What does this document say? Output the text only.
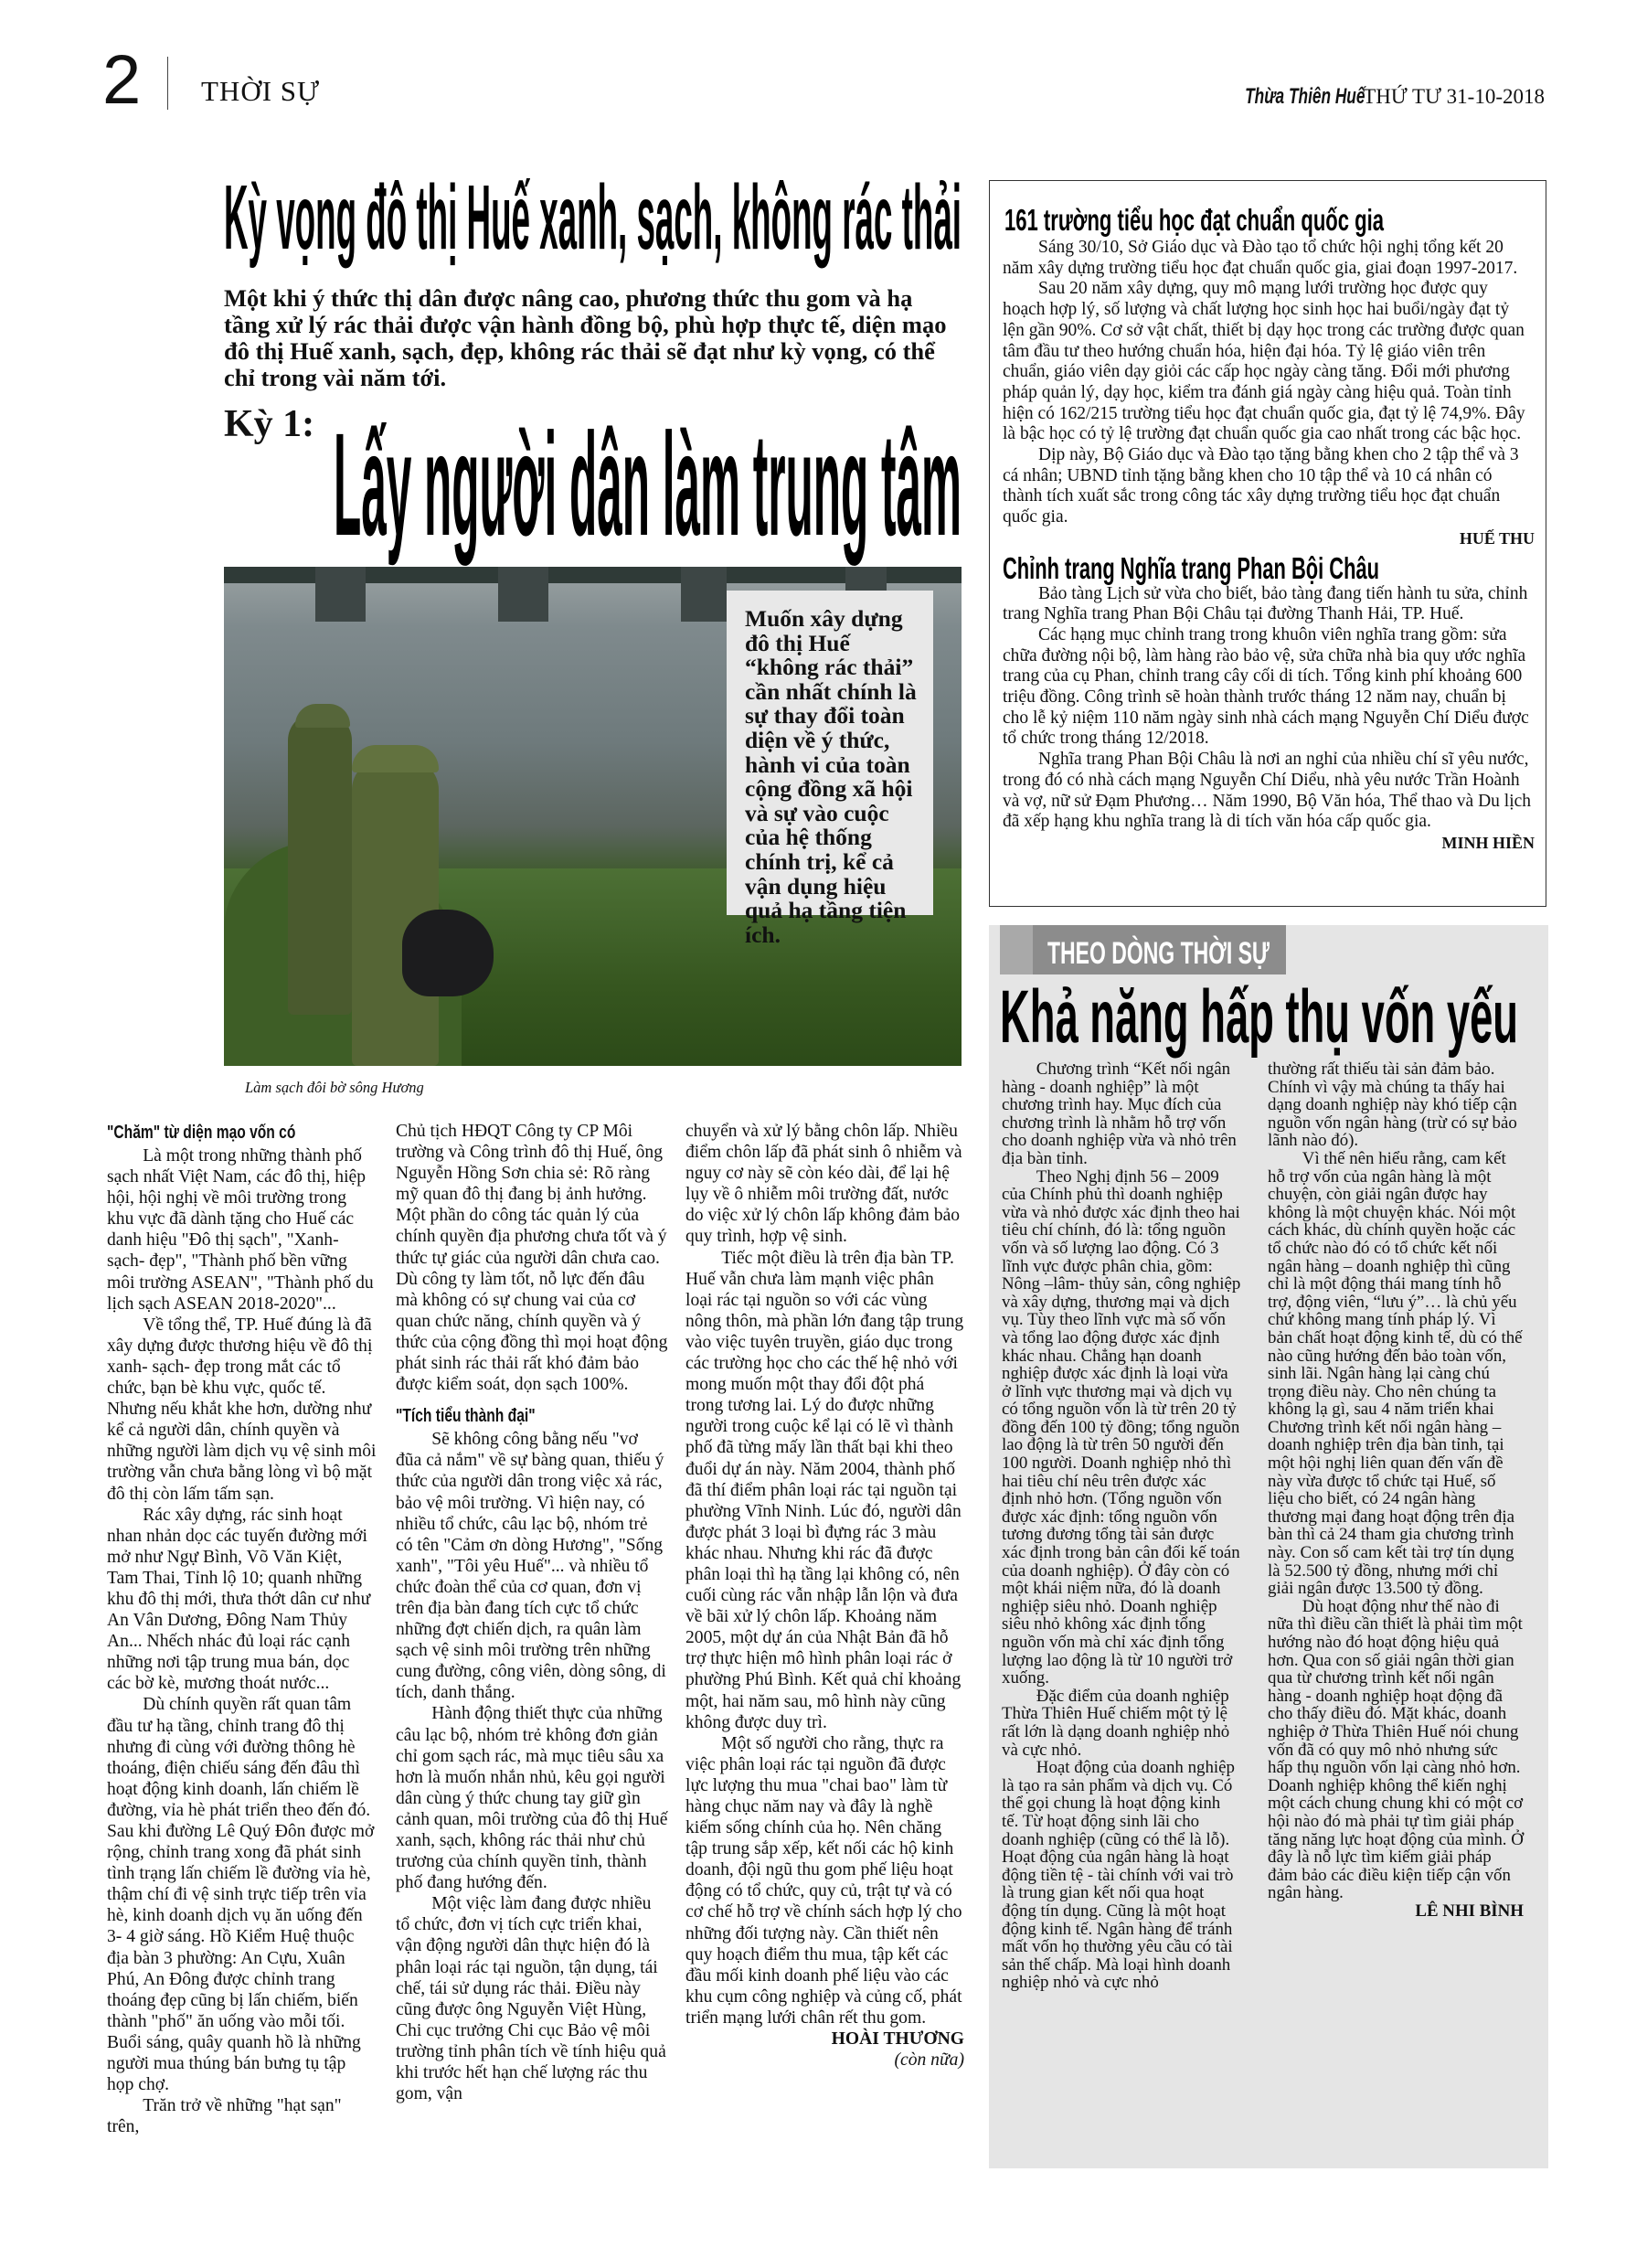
2 THỜI SỰ	Thừa Thiên Huế THỨ TƯ 31-10-2018
Kỳ vọng đô thị Huế xanh, sạch, không rác thải
Một khi ý thức thị dân được nâng cao, phương thức thu gom và hạ tầng xử lý rác thải được vận hành đồng bộ, phù hợp thực tế, diện mạo đô thị Huế xanh, sạch, đẹp, không rác thải sẽ đạt như kỳ vọng, có thể chỉ trong vài năm tới.
Kỳ 1: Lấy người dân làm trung tâm
Muốn xây dựng đô thị Huế “không rác thải” cần nhất chính là sự thay đổi toàn diện về ý thức, hành vi của toàn cộng đồng xã hội và sự vào cuộc của hệ thống chính trị, kể cả vận dụng hiệu quả hạ tầng tiện ích.
Làm sạch đôi bờ sông Hương
"Chăm" từ diện mạo vốn có

Là một trong những thành phố sạch nhất Việt Nam, các đô thị, hiệp hội, hội nghị về môi trường trong khu vực đã dành tặng cho Huế các danh hiệu "Đô thị sạch", "Xanh- sạch- đẹp", "Thành phố bền vững môi trường ASEAN", "Thành phố du lịch sạch ASEAN 2018-2020"...

Về tổng thể, TP. Huế đúng là đã xây dựng được thương hiệu về đô thị xanh- sạch- đẹp trong mắt các tổ chức, bạn bè khu vực, quốc tế. Nhưng nếu khắt khe hơn, dường như kể cả người dân, chính quyền và những người làm dịch vụ vệ sinh môi trường vẫn chưa bằng lòng vì bộ mặt đô thị còn lấm tấm sạn.

Rác xây dựng, rác sinh hoạt nhan nhản dọc các tuyến đường mới mở như Ngự Bình, Võ Văn Kiệt, Tam Thai, Tỉnh lộ 10; quanh những khu đô thị mới, thưa thớt dân cư như An Vân Dương, Đông Nam Thủy An... Nhếch nhác đủ loại rác cạnh những nơi tập trung mua bán, dọc các bờ kè, mương thoát nước...

Dù chính quyền rất quan tâm đầu tư hạ tầng, chỉnh trang đô thị nhưng đi cùng với đường thông hè thoáng, điện chiếu sáng đến đâu thì hoạt động kinh doanh, lấn chiếm lề đường, vỉa hè phát triển theo đến đó. Sau khi đường Lê Quý Đôn được mở rộng, chỉnh trang xong đã phát sinh tình trạng lấn chiếm lề đường vỉa hè, thậm chí đi vệ sinh trực tiếp trên vỉa hè, kinh doanh dịch vụ ăn uống đến 3- 4 giờ sáng. Hồ Kiểm Huệ thuộc địa bàn 3 phường: An Cựu, Xuân Phú, An Đông được chỉnh trang thoáng đẹp cũng bị lấn chiếm, biến thành "phố" ăn uống vào mỗi tối. Buổi sáng, quây quanh hồ là những người mua thúng bán bưng tụ tập họp chợ.

Trăn trở về những "hạt sạn" trên,

Chủ tịch HĐQT Công ty CP Môi trường và Công trình đô thị Huế, ông Nguyễn Hồng Sơn chia sẻ: Rõ ràng mỹ quan đô thị đang bị ảnh hưởng. Một phần do công tác quản lý của chính quyền địa phương chưa tốt và ý thức tự giác của người dân chưa cao. Dù công ty làm tốt, nỗ lực đến đâu mà không có sự chung vai của cơ quan chức năng, chính quyền và ý thức của cộng đồng thì mọi hoạt động phát sinh rác thải rất khó đảm bảo được kiểm soát, dọn sạch 100%.

"Tích tiểu thành đại"

Sẽ không công bằng nếu "vơ đũa cả nắm" về sự bàng quan, thiếu ý thức của người dân trong việc xả rác, bảo vệ môi trường. Vì hiện nay, có nhiều tổ chức, câu lạc bộ, nhóm trẻ có tên "Cảm ơn dòng Hương", "Sống xanh", "Tôi yêu Huế"... và nhiều tổ chức đoàn thể của cơ quan, đơn vị trên địa bàn đang tích cực tổ chức những đợt chiến dịch, ra quân làm sạch vệ sinh môi trường trên những cung đường, công viên, dòng sông, di tích, danh thắng.

Hành động thiết thực của những câu lạc bộ, nhóm trẻ không đơn giản chỉ gom sạch rác, mà mục tiêu sâu xa hơn là muốn nhắn nhủ, kêu gọi người dân cùng ý thức chung tay giữ gìn cảnh quan, môi trường của đô thị Huế xanh, sạch, không rác thải như chủ trương của chính quyền tỉnh, thành phố đang hướng đến.

Một việc làm đang được nhiều tổ chức, đơn vị tích cực triển khai, vận động người dân thực hiện đó là phân loại rác tại nguồn, tận dụng, tái chế, tái sử dụng rác thải. Điều này cũng được ông Nguyễn Việt Hùng, Chi cục trưởng Chi cục Bảo vệ môi trường tỉnh phân tích về tính hiệu quả khi trước hết hạn chế lượng rác thu gom, vận

chuyển và xử lý bằng chôn lấp. Nhiều điểm chôn lấp đã phát sinh ô nhiễm và nguy cơ này sẽ còn kéo dài, để lại hệ lụy về ô nhiễm môi trường đất, nước do việc xử lý chôn lấp không đảm bảo quy trình, hợp vệ sinh.

Tiếc một điều là trên địa bàn TP. Huế vẫn chưa làm mạnh việc phân loại rác tại nguồn so với các vùng nông thôn, mà phần lớn đang tập trung vào việc tuyên truyền, giáo dục trong các trường học cho các thế hệ nhỏ với mong muốn một thay đổi đột phá trong tương lai. Lý do được những người trong cuộc kể lại có lẽ vì thành phố đã từng mấy lần thất bại khi theo đuổi dự án này. Năm 2004, thành phố đã thí điểm phân loại rác tại nguồn tại phường Vĩnh Ninh. Lúc đó, người dân được phát 3 loại bì đựng rác 3 màu khác nhau. Nhưng khi rác đã được phân loại thì hạ tầng lại không có, nên cuối cùng rác vẫn nhập lẫn lộn và đưa về bãi xử lý chôn lấp. Khoảng năm 2005, một dự án của Nhật Bản đã hỗ trợ thực hiện mô hình phân loại rác ở phường Phú Bình. Kết quả chỉ khoảng một, hai năm sau, mô hình này cũng không được duy trì.

Một số người cho rằng, thực ra việc phân loại rác tại nguồn đã được lực lượng thu mua "chai bao" làm từ hàng chục năm nay và đây là nghề kiếm sống chính của họ. Nên chăng tập trung sắp xếp, kết nối các hộ kinh doanh, đội ngũ thu gom phế liệu hoạt động có tổ chức, quy củ, trật tự và có cơ chế hỗ trợ về chính sách hợp lý cho những đối tượng này. Cần thiết nên quy hoạch điểm thu mua, tập kết các đầu mối kinh doanh phế liệu vào các khu cụm công nghiệp và củng cố, phát triển mạng lưới chân rết thu gom.

HOÀI THƯƠNG

(còn nữa)

161 trường tiểu học đạt chuẩn quốc gia

Sáng 30/10, Sở Giáo dục và Đào tạo tổ chức hội nghị tổng kết 20 năm xây dựng trường tiểu học đạt chuẩn quốc gia, giai đoạn 1997-2017.

Sau 20 năm xây dựng, quy mô mạng lưới trường học được quy hoạch hợp lý, số lượng và chất lượng học sinh học hai buổi/ngày đạt tỷ lện gần 90%. Cơ sở vật chất, thiết bị dạy học trong các trường được quan tâm đầu tư theo hướng chuẩn hóa, hiện đại hóa. Tỷ lệ giáo viên trên chuẩn, giáo viên dạy giỏi các cấp học ngày càng tăng. Đổi mới phương pháp quản lý, dạy học, kiểm tra đánh giá ngày càng hiệu quả. Toàn tỉnh hiện có 162/215 trường tiểu học đạt chuẩn quốc gia, đạt tỷ lệ 74,9%. Đây là bậc học có tỷ lệ trường đạt chuẩn quốc gia cao nhất trong các bậc học.

Dịp này, Bộ Giáo dục và Đào tạo tặng bằng khen cho 2 tập thể và 3 cá nhân; UBND tỉnh tặng bằng khen cho 10 tập thể và 10 cá nhân có thành tích xuất sắc trong công tác xây dựng trường tiểu học đạt chuẩn quốc gia.

HUẾ THU

Chỉnh trang Nghĩa trang Phan Bội Châu

Bảo tàng Lịch sử vừa cho biết, bảo tàng đang tiến hành tu sửa, chỉnh trang Nghĩa trang Phan Bội Châu tại đường Thanh Hải, TP. Huế.

Các hạng mục chỉnh trang trong khuôn viên nghĩa trang gồm: sửa chữa đường nội bộ, làm hàng rào bảo vệ, sửa chữa nhà bia quy ước nghĩa trang của cụ Phan, chỉnh trang cây cối di tích. Tổng kinh phí khoảng 600 triệu đồng. Công trình sẽ hoàn thành trước tháng 12 năm nay, chuẩn bị cho lễ kỷ niệm 110 năm ngày sinh nhà cách mạng Nguyễn Chí Diểu được tổ chức trong tháng 12/2018.

Nghĩa trang Phan Bội Châu là nơi an nghỉ của nhiều chí sĩ yêu nước, trong đó có nhà cách mạng Nguyễn Chí Diểu, nhà yêu nước Trần Hoành và vợ, nữ sử Đạm Phương… Năm 1990, Bộ Văn hóa, Thể thao và Du lịch đã xếp hạng khu nghĩa trang là di tích văn hóa cấp quốc gia.

MINH HIỀN

THEO DÒNG THỜI SỰ
Khả năng hấp thụ vốn yếu

Chương trình “Kết nối ngân hàng - doanh nghiệp” là một chương trình hay. Mục đích của chương trình là nhằm hỗ trợ vốn cho doanh nghiệp vừa và nhỏ trên địa bàn tỉnh.

Theo Nghị định 56 – 2009 của Chính phủ thì doanh nghiệp vừa và nhỏ được xác định theo hai tiêu chí chính, đó là: tổng nguồn vốn và số lượng lao động. Có 3 lĩnh vực được phân chia, gồm: Nông –lâm- thủy sản, công nghiệp và xây dựng, thương mại và dịch vụ. Tùy theo lĩnh vực mà số vốn và tổng lao động được xác định khác nhau. Chẳng hạn doanh nghiệp được xác định là loại vừa ở lĩnh vực thương mại và dịch vụ có tổng nguồn vốn là từ trên 20 tỷ đồng đến 100 tỷ đồng; tổng nguồn lao động là từ trên 50 người đến 100 người. Doanh nghiệp nhỏ thì hai tiêu chí nêu trên được xác định nhỏ hơn. (Tổng nguồn vốn được xác định: tổng nguồn vốn tương đương tổng tài sản được xác định trong bản cân đối kế toán của doanh nghiệp). Ở đây còn có một khái niệm nữa, đó là doanh nghiệp siêu nhỏ. Doanh nghiệp siêu nhỏ không xác định tổng nguồn vốn mà chỉ xác định tổng lượng lao động là từ 10 người trở xuống.

Đặc điểm của doanh nghiệp Thừa Thiên Huế chiếm một tỷ lệ rất lớn là dạng doanh nghiệp nhỏ và cực nhỏ.

Hoạt động của doanh nghiệp là tạo ra sản phẩm và dịch vụ. Có thể gọi chung là hoạt động kinh tế. Từ hoạt động sinh lãi cho doanh nghiệp (cũng có thể là lỗ). Hoạt động của ngân hàng là hoạt động tiền tệ - tài chính với vai trò là trung gian kết nối qua hoạt động tín dụng. Cũng là một hoạt động kinh tế. Ngân hàng để tránh mất vốn họ thường yêu cầu có tài sản thế chấp. Mà loại hình doanh nghiệp nhỏ và cực nhỏ

thường rất thiếu tài sản đảm bảo. Chính vì vậy mà chúng ta thấy hai dạng doanh nghiệp này khó tiếp cận nguồn vốn ngân hàng (trừ có sự bảo lãnh nào đó).

Vì thế nên hiểu rằng, cam kết hỗ trợ vốn của ngân hàng là một chuyện, còn giải ngân được hay không là một chuyện khác. Nói một cách khác, dù chính quyền hoặc các tổ chức nào đó có tổ chức kết nối ngân hàng – doanh nghiệp thì cũng chỉ là một động thái mang tính hỗ trợ, động viên, “lưu ý”… là chủ yếu chứ không mang tính pháp lý. Vì bản chất hoạt động kinh tế, dù có thế nào cũng hướng đến bảo toàn vốn, sinh lãi. Ngân hàng lại càng chú trọng điều này. Cho nên chúng ta không lạ gì, sau 4 năm triển khai Chương trình kết nối ngân hàng – doanh nghiệp trên địa bàn tỉnh, tại một hội nghị liên quan đến vấn đề này vừa được tổ chức tại Huế, số liệu cho biết, có 24 ngân hàng thương mại đang hoạt động trên địa bàn thì cả 24 tham gia chương trình này. Con số cam kết tài trợ tín dụng là 52.500 tỷ đồng, nhưng mới chỉ giải ngân được 13.500 tỷ đồng.

Dù hoạt động như thế nào đi nữa thì điều cần thiết là phải tìm một hướng nào đó hoạt động hiệu quả hơn. Qua con số giải ngân thời gian qua từ chương trình kết nối ngân hàng - doanh nghiệp hoạt động đã cho thấy điều đó. Mặt khác, doanh nghiệp ở Thừa Thiên Huế nói chung vốn đã có quy mô nhỏ nhưng sức hấp thụ nguồn vốn lại càng nhỏ hơn. Doanh nghiệp không thể kiến nghị một cách chung chung khi có một cơ hội nào đó mà phải tự tìm giải pháp tăng năng lực hoạt động của mình. Ở đây là nỗ lực tìm kiếm giải pháp đảm bảo các điều kiện tiếp cận vốn ngân hàng.

LÊ NHI BÌNH
